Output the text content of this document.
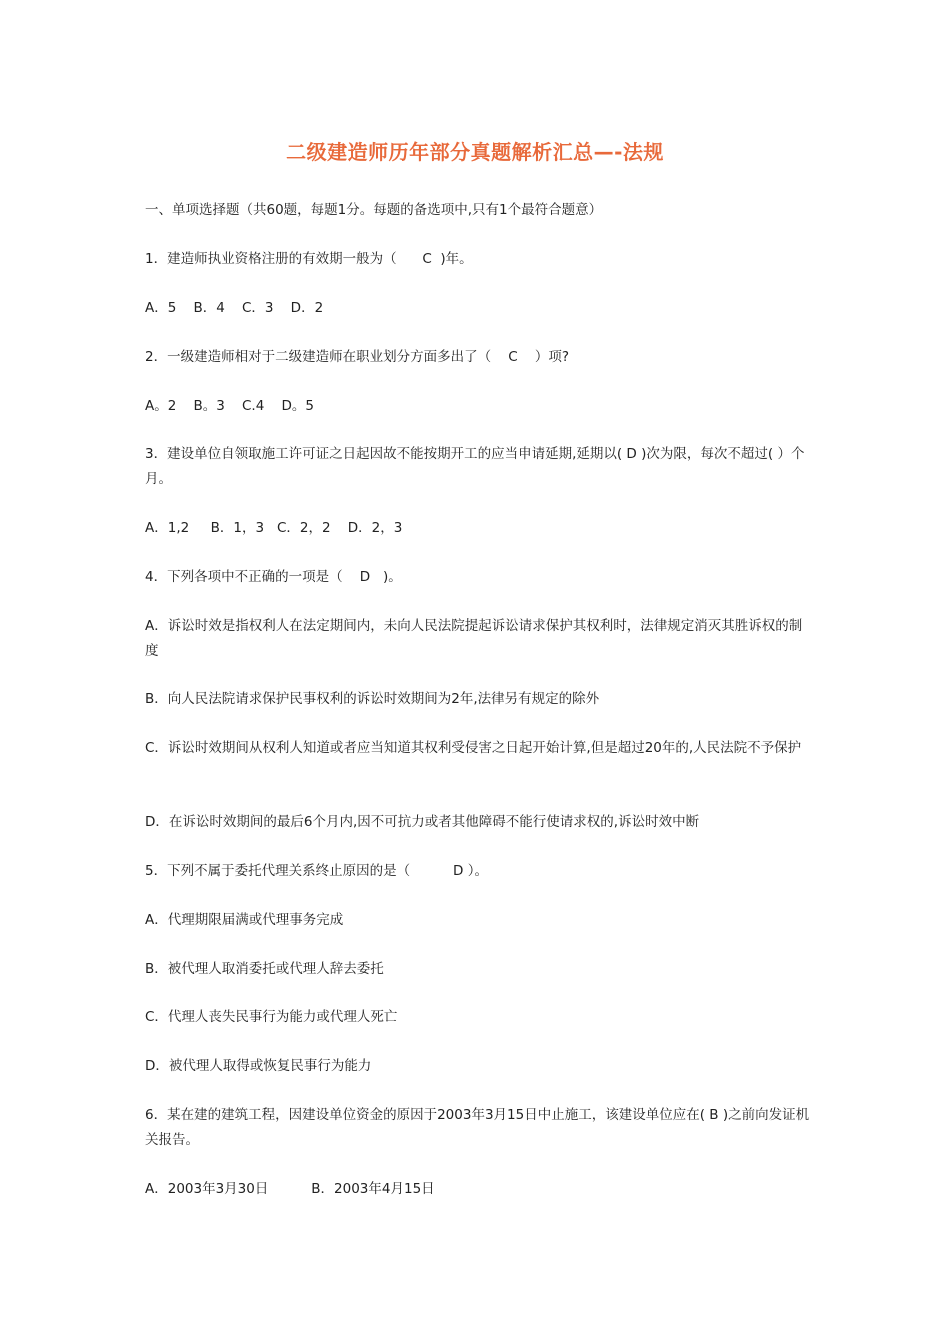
二级建造师历年部分真题解析汇总—-法规
一、单项选择题（共60题，每题1分。每题的备选项中,只有1个最符合题意）
1．建造师执业资格注册的有效期一般为（      C  )年。
A．5    B．4    C．3    D．2
2．一级建造师相对于二级建造师在职业划分方面多出了（    C    ）项?
A。2    B。3    C.4    D。5
3．建设单位自领取施工许可证之日起因故不能按期开工的应当申请延期,延期以( D )次为限，每次不超过( ）个月。
A．1,2     B．1，3   C．2，2    D．2，3
4．下列各项中不正确的一项是（    D   )。
A．诉讼时效是指权利人在法定期间内，未向人民法院提起诉讼请求保护其权利时，法律规定消灭其胜诉权的制度
B．向人民法院请求保护民事权利的诉讼时效期间为2年,法律另有规定的除外
C．诉讼时效期间从权利人知道或者应当知道其权利受侵害之日起开始计算,但是超过20年的,人民法院不予保护
D．在诉讼时效期间的最后6个月内,因不可抗力或者其他障碍不能行使请求权的,诉讼时效中断
5．下列不属于委托代理关系终止原因的是（          D ）。
A．代理期限届满或代理事务完成
B．被代理人取消委托或代理人辞去委托
C．代理人丧失民事行为能力或代理人死亡
D．被代理人取得或恢复民事行为能力
6．某在建的建筑工程，因建设单位资金的原因于2003年3月15日中止施工，该建设单位应在( B )之前向发证机关报告。
A．2003年3月30日          B．2003年4月15日
